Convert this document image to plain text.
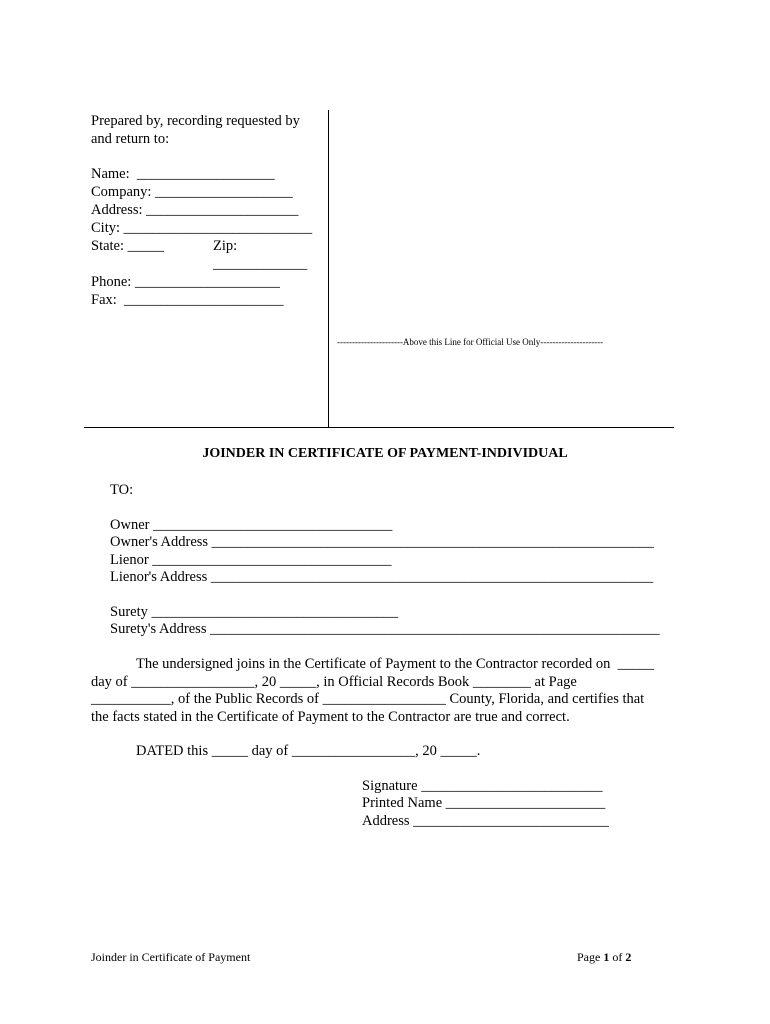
Prepared by, recording requested by
and return to:
Name:  ___________________
Company: ___________________
Address: _____________________
City: __________________________
State: _____	Zip:
_____________
Phone: ____________________
Fax:  ______________________
----------------------Above this Line for Official Use Only---------------------
JOINDER IN CERTIFICATE OF PAYMENT-INDIVIDUAL
TO:
Owner _________________________________
Owner's Address _____________________________________________________________
Lienor _________________________________
Lienor's Address _____________________________________________________________
Surety __________________________________
Surety's Address ______________________________________________________________
The undersigned joins in the Certificate of Payment to the Contractor recorded on  _____
day of _________________, 20 _____, in Official Records Book ________ at Page
___________, of the Public Records of _________________ County, Florida, and certifies that
the facts stated in the Certificate of Payment to the Contractor are true and correct.
DATED this _____ day of _________________, 20 _____.
Signature _________________________
Printed Name ______________________
Address ___________________________
Joinder in Certificate of Payment	Page 1 of 2
